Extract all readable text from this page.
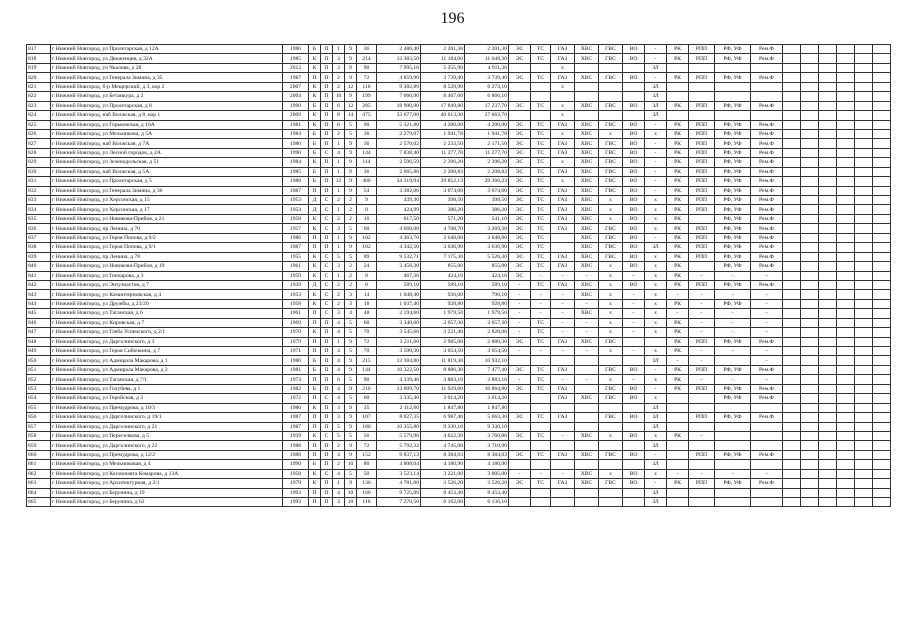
196
817	г Нижний Новгород, ул Пролетарская, д 12А	1986	Б	П	1	9	36	2 486,40	2 201,30	2 201,30	ЭС	ТС	ГАЗ	ХВС	ГВС	ВО	-	РК	РПП	РФ, УФ	Рем.Ф						
818	г Нижний Новгород, ул Движенцев, д 32А	1985	К	П	3	9	214	13 383,50	11 184,60	11 048,30	ЭС	ТС	ГАЗ	ХВС	ГВС	ВО	-	РК	РПП	РФ, УФ	Рем.Ф						
819	г Нижний Новгород, ул Чкалова, д 28	2013	К	П	3	9	90	7 995,10	5 255,90	4 911,30			х				ЗЛ										
820	г Нижний Новгород, ул Генерала Зимина, д 35	1987	П	П	2	9	72	4 859,90	3 739,40	3 739,40	ЭС	ТС	ГАЗ	ХВС	ГВС	ВО	-	РК	РПП	РФ, УФ	Рем.Ф						
821	г Нижний Новгород, б-р Мещерский, д 3, кор 2	2007	К	П	2	12	110	9 382,89	8 529,90	6 273,10			х				ЗЛ										
822	г Нижний Новгород, ул Бетанкура, д 2	2004	К	П	10	9	199	7 060,90	8 467,60	6 866,10							ЗЛ										
823	г Нижний Новгород, ул Пролетарская, д 8	1990	Б	П	6	12	285	18 900,90	17 849,80	17 237,70	ЭС	ТС	х	ХВС	ГВС	ВО	ЗЛ	РК	РПП	РФ, УФ	Рем.Ф						
824	г Нижний Новгород, наб Волжская, д 8, кор 1	2009	К	П	8	14	475	33 677,00	40 613,30	27 663,70			х				ЗЛ										
825	г Нижний Новгород, ул Горьковская, д 16А	1981	К	П	6	5	90	5 321,80	4 200,00	4 200,00	ЭС	ТС	ГАЗ	ХВС	ГВС	ВО	-	РК	РПП	РФ, УФ	Рем.Ф						
826	г Нижний Новгород, ул Мельникова, д 5А	1984	Б	П	2	5	36	2 279,07	1 941,78	1 941,78	ЭС	ТС	х	ХВС	х	ВО	х	РК	РПП	РФ, УФ	Рем.Ф						
827	г Нижний Новгород, наб Волжская, д 7А	1986	Б	П	1	9	36	2 570,02	2 233,50	2 171,50	ЭС	ТС	ГАЗ	ХВС	ГВС	ВО	-	РК	РПП	РФ, УФ	Рем.Ф						
828	г Нижний Новгород, ул Лесной городок, д 2А	1990	Б	С	4	9	144	7 838,40	11 277,70	11 277,70	ЭС	ТС	ГАЗ	ХВС	ГВС	ВО	-	РК	РПП	РФ, УФ	Рем.Ф						
829	г Нижний Новгород, ул Зеленодольская, д 51	1984	К	П	1	9	114	2 596,59	2 396,20	2 396,20	ЭС	ТС	х	ХВС	ГВС	ВО	-	РК	РПП	РФ, УФ	Рем.Ф						
830	г Нижний Новгород, наб Волжская, д 5А	1985	Б	П	1	9	36	2 665,80	2 208,83	2 208,83	ЭС	ТС	ГАЗ	ХВС	ГВС	ВО	-	РК	РПП	РФ, УФ	Рем.Ф						
831	г Нижний Новгород, ул Пролетарская, д 5	1988	Б	П	12	9	466	34 319,94	29 852,13	29 366,23	ЭС	ТС	х	ХВС	ГВС	ВО	-	РК	РПП	РФ, УФ	Рем.Ф						
832	г Нижний Новгород, ул Генерала Зимина, д 36	1987	П	П	1	9	54	3 382,06	3 074,60	3 074,60	ЭС	ТС	ГАЗ	ХВС	ГВС	ВО	-	РК	РПП	РФ, УФ	Рем.Ф						
833	г Нижний Новгород, ул Херсонская, д 15	1953	Д	С	2	2	9	439,30	398,50	398,50	ЭС	ТС	ГАЗ	ХВС	х	ВО	х	РК	РПП	РФ, УФ	Рем.Ф						
834	г Нижний Новгород, ул Херсонская, д 17	1953	Д	С	1	2	8	424,99	386,20	386,20	ЭС	ТС	ГАЗ	ХВС	х	ВО	х	РК	РПП	РФ, УФ	Рем.Ф						
835	г Нижний Новгород, ул Новикова-Прибоя, д 21	1958	К	С	2	2	16	617,50	571,20	541,10	ЭС	ТС	ГАЗ	ХВС	х	ВО	х	РК		РФ, УФ	Рем.Ф						
836	г Нижний Новгород, пр Ленина, д 70	1957	К	С	3	5	60	4 668,00	4 708,70	3 269,30	ЭС	ТС	ГАЗ	ХВС	ГВС	ВО	х	РК	РПП	РФ, УФ	Рем.Ф						
837	г Нижний Новгород, ул Героя Попова, д 9/2	1986	П	П	1	9	102	4 363,70	3 648,00	3 648,00	ЭС	ТС		ХВС	ГВС	ВО	-	РК	РПП	РФ, УФ	Рем.Ф						
838	г Нижний Новгород, ул Героя Попова, д 9/1	1987	П	П	1	9	102	4 342,50	3 636,90	3 636,90	ЭС	ТС		ХВС	ГВС	ВО	ЗЛ	РК	РПП	РФ, УФ	Рем.Ф						
839	г Нижний Новгород, пр Ленина, д 78	1955	К	С	5	5	89	9 532,71	7 175,30	5 526,30	ЭС	ТС	ГАЗ	ХВС	ГВС	ВО	х	РК	РПП	РФ, УФ	Рем.Ф						
840	г Нижний Новгород, ул Новикова-Прибоя, д 19	1961	К	С	3	2	24	3 456,30	855,00	855,00	ЭС	ТС	ГАЗ	ХВС	х	ВО	х	РК		РФ, УФ	Рем.Ф						
841	г Нижний Новгород, ул Гончарова, д 3	1959	К	С	1	2	8	467,30	424,10	424,10	ЭС	-	-	-	х	-	х	РК	-	-	-						
842	г Нижний Новгород, ул Энтузиастов, д 7	1939	Д	С	2	2	8	589,10	589,10	589,10	-	ТС	ГАЗ	ХВС	х	ВО	х	РК	РПП	РФ, УФ	Рем.Ф						
843	г Нижний Новгород, ул Коминтерновская, д 4	1953	К	С	2	3	14	1 048,40	936,00	790,10	-	-	-	ХВС	х	-	х	-	-	-	-						
844	г Нижний Новгород, ул Дружбы, д 23/20	1958	К	С	2	3	18	1 037,40	928,80	928,80	-	-	-	-	х	-	х	РК	-	РФ, УФ	-						
845	г Нижний Новгород, ул Таганская, д 6	1961	П	С	3	4	48	2 194,60	1 979,50	1 979,50	-	-	-	ХВС	х	-	х	-	-	-	-						
846	г Нижний Новгород, ул Кировская, д 7	1969	П	П	4	5	60	3 340,60	3 057,30	3 057,30	-	ТС	-	-	х	-	х	РК	-	-	-						
847	г Нижний Новгород, ул Глеба Успенского, д 2/1	1970	К	П	4	5	70	3 545,60	3 221,40	2 828,00	-	ТС	-	-	х	-	х	РК	-	-	-						
848	г Нижний Новгород, ул Дарголинского, д 3	1979	П	П	1	9	72	3 211,60	2 985,00	2 880,30	ЭС	ТС	ГАЗ	ХВС	ГВС			РК	РПП	РФ, УФ	Рем.Ф						
849	г Нижний Новгород, ул Героя Сибочкина, д 7	1971	П	П	4	5	70	3 590,30	3 054,50	3 054,50	-	-	-	-	х	-	х	РК	-	-	-						
850	г Нижний Новгород, ул Адмирала Макарова, д 1	1980	Б	П	4	9	215	13 384,80	11 819,30	10 932,10							ЗЛ	-	-		-						
851	г Нижний Новгород, ул Адмирала Макарова, д 2	1981	Б	П	4	9	144	10 322,50	8 886,30	7 477,40	ЭС	ТС	ГАЗ		ГВС	ВО	-	РК	РПП	РФ, УФ	Рем.Ф						
852	г Нижний Новгород, ул Таганская, д 7/1	1973	П	П	6	5	90	4 339,40	3 883,10	3 883,10	-	ТС	-	-	х	-	х	РК	-	-	-						
853	г Нижний Новгород, ул Голубева, д 1	1982	Б	П	4	9	216	13 609,70	11 929,60	10 864,80	ЭС	ТС	ГАЗ		ГВС	ВО	-	РК	РПП	РФ, УФ	Рем.Ф						
854	г Нижний Новгород, ул Геройская, д 3	1972	П	С	4	5	60	3 335,40	3 014,20	3 014,20			ГАЗ	ХВС	ГВС	ВО	х			РФ, УФ	Рем.Ф						
855	г Нижний Новгород, ул Премудрова, д 10/3	1986	К	П	3	9	35	2 112,60	1 847,80	1 847,80							ЗЛ										
856	г Нижний Новгород, ул Дарголинского, д 19/1	1987	П	П	3	9	107	8 027,35	6 987,40	5 663,30	ЭС	ТС	ГАЗ		ГВС	ВО	ЗЛ		РПП	РФ, УФ	Рем.Ф						
857	г Нижний Новгород, ул Дарголинского, д 21	1987	П	П	5	9	180	10 355,80	9 330,10	9 330,10							ЗЛ										
858	г Нижний Новгород, ул Переселкова, д 5	1939	К	С	5	5	56	5 579,90	4 622,30	3 760,80	ЭС	ТС	-	ХВС	х	ВО	х	РК	-								
859	г Нижний Новгород, ул Дарголинского, д 22	1988	П	П	2	9	72	5 792,32	4 745,00	3 710,90							ЗЛ										
860	г Нижний Новгород, ул Премудрова, д 12/2	1988	П	П	4	9	152	9 837,13	8 384,03	8 384,03	ЭС	ТС	ГАЗ	ХВС	ГВС	ВО	-		РПП	РФ, УФ	Рем.Ф						
861	г Нижний Новгород, ул Мельниковая, д 4	1990	Б	П	2	10	80	4 808,04	4 180,90	4 180,90							ЗЛ										
862	г Нижний Новгород, ул Космонавта Комарова, д 13А	1958	К	С	4	5	50	3 523,14	3 221,00	3 005,00	-	-	-	ХВС	х	ВО	х	-	-	-	-						
863	г Нижний Новгород, ул Архитектурная, д 2/1	1979	К	П	1	9	136	4 781,00	3 526,20	3 526,20	ЭС	ТС	ГАЗ	ХВС	ГВС	ВО	-	РК	РПП	РФ, УФ	Рем.Ф						
864	г Нижний Новгород, ул Берунина, д 19	1993	П	П	4	10	160	9 725,09	8 453,40	8 453,40							ЗЛ										
865	г Нижний Новгород, ул Берунина, д 62	1993	П	П	3	10	118	7 270,50	6 162,00	6 136,10							ЗЛ										
